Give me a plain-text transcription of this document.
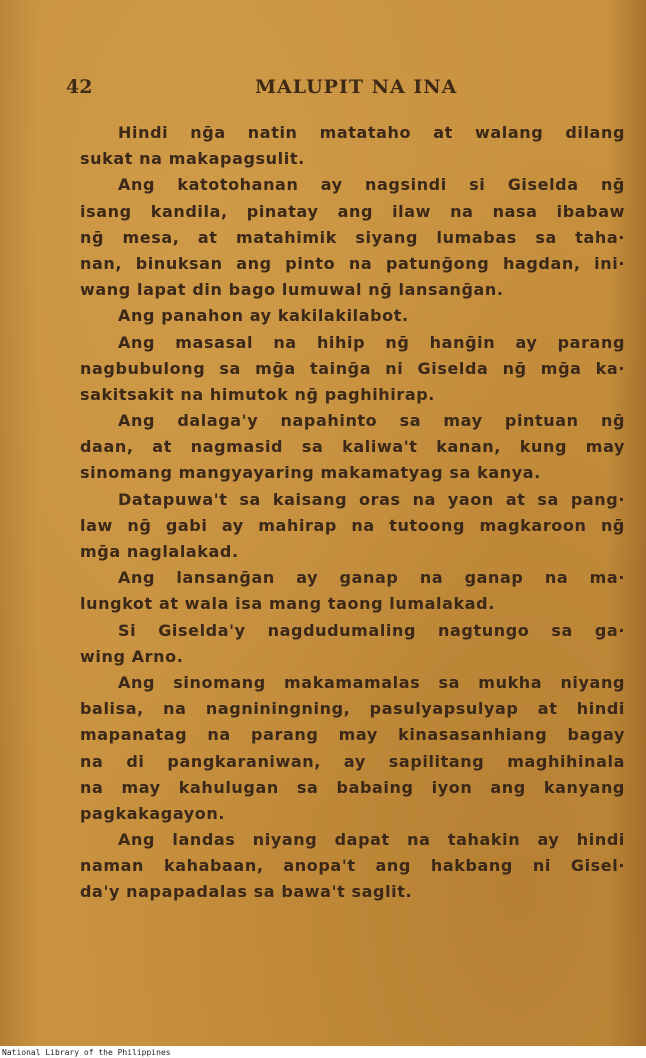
42	MALUPIT NA INA
Hindi nḡa natin matataho at walang dilang
sukat na makapagsulit.
Ang katotohanan ay nagsindi si Giselda nḡ
isang kandila, pinatay ang ilaw na nasa ibabaw
nḡ mesa, at matahimik siyang lumabas sa taha·
nan, binuksan ang pinto na patunḡong hagdan, ini·
wang lapat din bago lumuwal nḡ lansanḡan.
Ang panahon ay kakilakilabot.
Ang masasal na hihip nḡ hanḡin ay parang
nagbubulong sa mḡa tainḡa ni Giselda nḡ mḡa ka·
sakitsakit na himutok nḡ paghihirap.
Ang dalaga'y napahinto sa may pintuan nḡ
daan, at nagmasid sa kaliwa't kanan, kung may
sinomang mangyayaring makamatyag sa kanya.
Datapuwa't sa kaisang oras na yaon at sa pang·
law nḡ gabi ay mahirap na tutoong magkaroon nḡ
mḡa naglalakad.
Ang lansanḡan ay ganap na ganap na ma·
lungkot at wala isa mang taong lumalakad.
Si Giselda'y nagdudumaling nagtungo sa ga·
wing Arno.
Ang sinomang makamamalas sa mukha niyang
balisa, na nagniningning, pasulyapsulyap at hindi
mapanatag na parang may kinasasanhiang bagay
na di pangkaraniwan, ay sapilitang maghihinala
na may kahulugan sa babaing iyon ang kanyang
pagkakagayon.
Ang landas niyang dapat na tahakin ay hindi
naman kahabaan, anopa't ang hakbang ni Gisel·
da'y napapadalas sa bawa't saglit.
National Library of the Philippines
